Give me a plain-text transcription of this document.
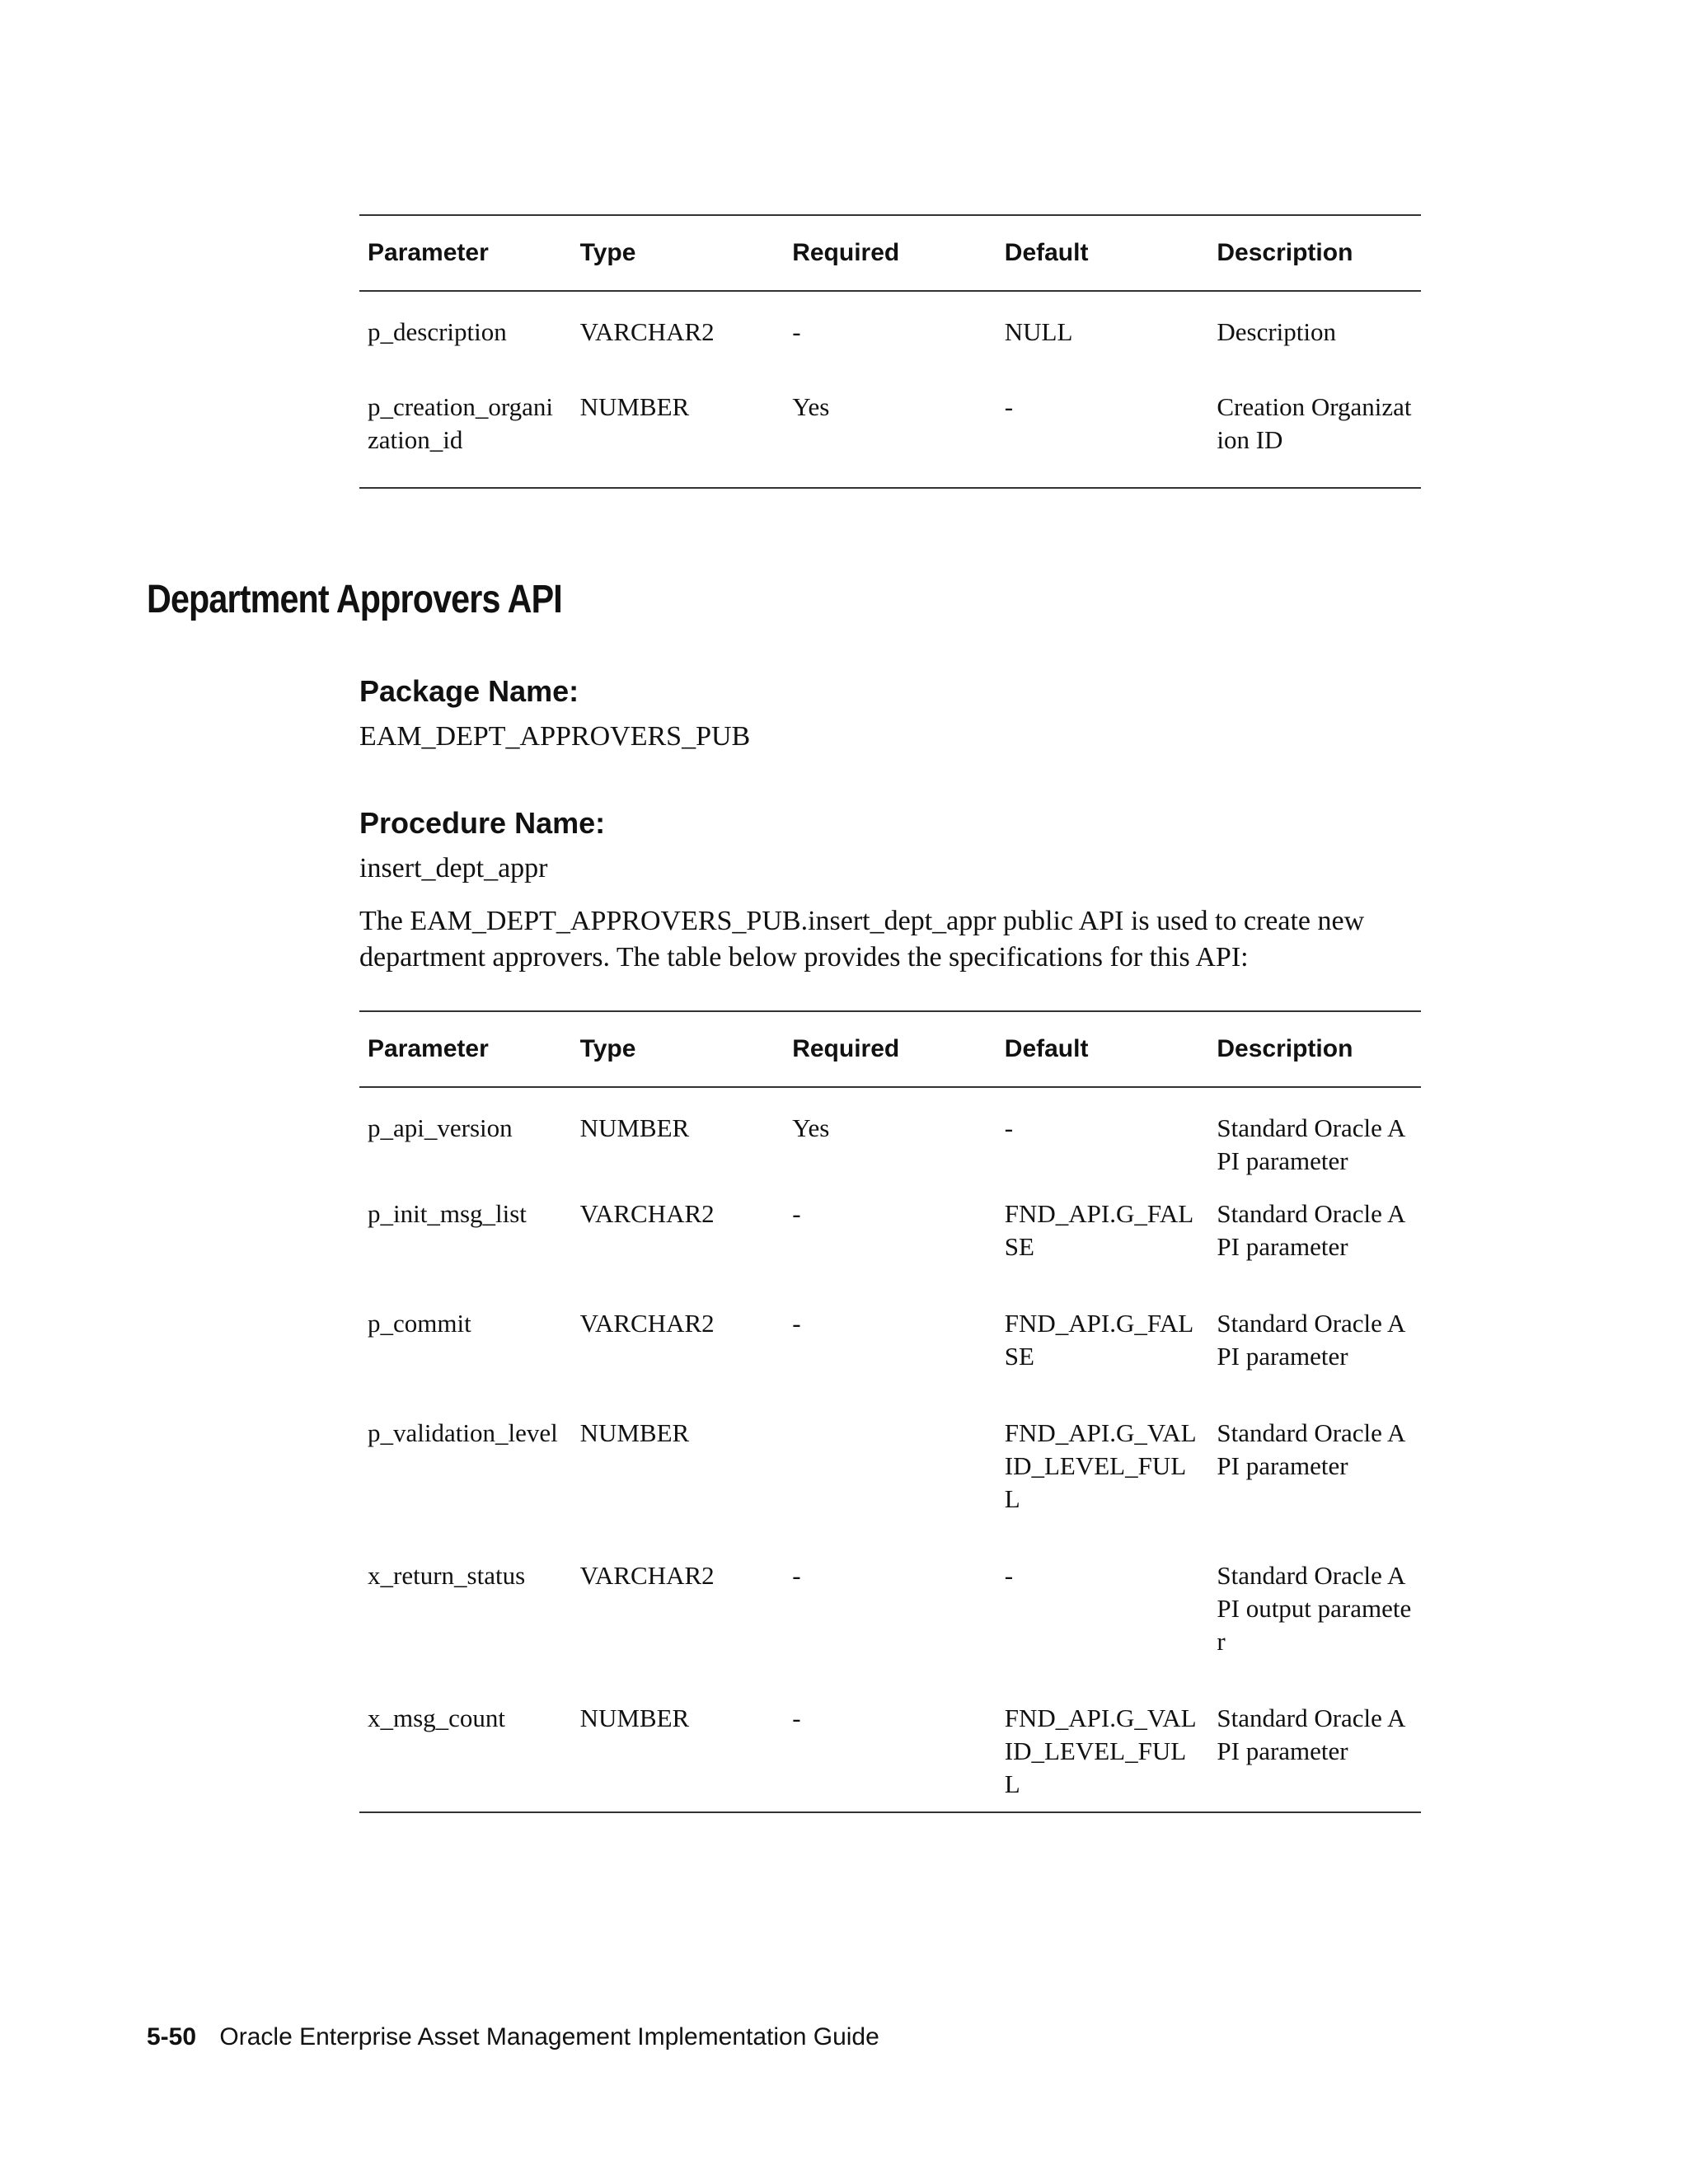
Parameter	Type	Required	Default	Description
p_description	VARCHAR2	-	NULL	Description
p_creation_organization_id	NUMBER	Yes	-	Creation Organization ID
Department Approvers API
Package Name:

EAM_DEPT_APPROVERS_PUB

Procedure Name:

insert_dept_appr

The EAM_DEPT_APPROVERS_PUB.insert_dept_appr public API is used to create new department approvers. The table below provides the specifications for this API:

Parameter	Type	Required	Default	Description
p_api_version	NUMBER	Yes	-	Standard Oracle API parameter
p_init_msg_list	VARCHAR2	-	FND_API.G_FALSE	Standard Oracle API parameter
p_commit	VARCHAR2	-	FND_API.G_FALSE	Standard Oracle API parameter
p_validation_level	NUMBER		FND_API.G_VALID_LEVEL_FULL	Standard Oracle API parameter
x_return_status	VARCHAR2	-	-	Standard Oracle API output parameter
x_msg_count	NUMBER	-	FND_API.G_VALID_LEVEL_FULL	Standard Oracle API parameter
5-50 Oracle Enterprise Asset Management Implementation Guide
